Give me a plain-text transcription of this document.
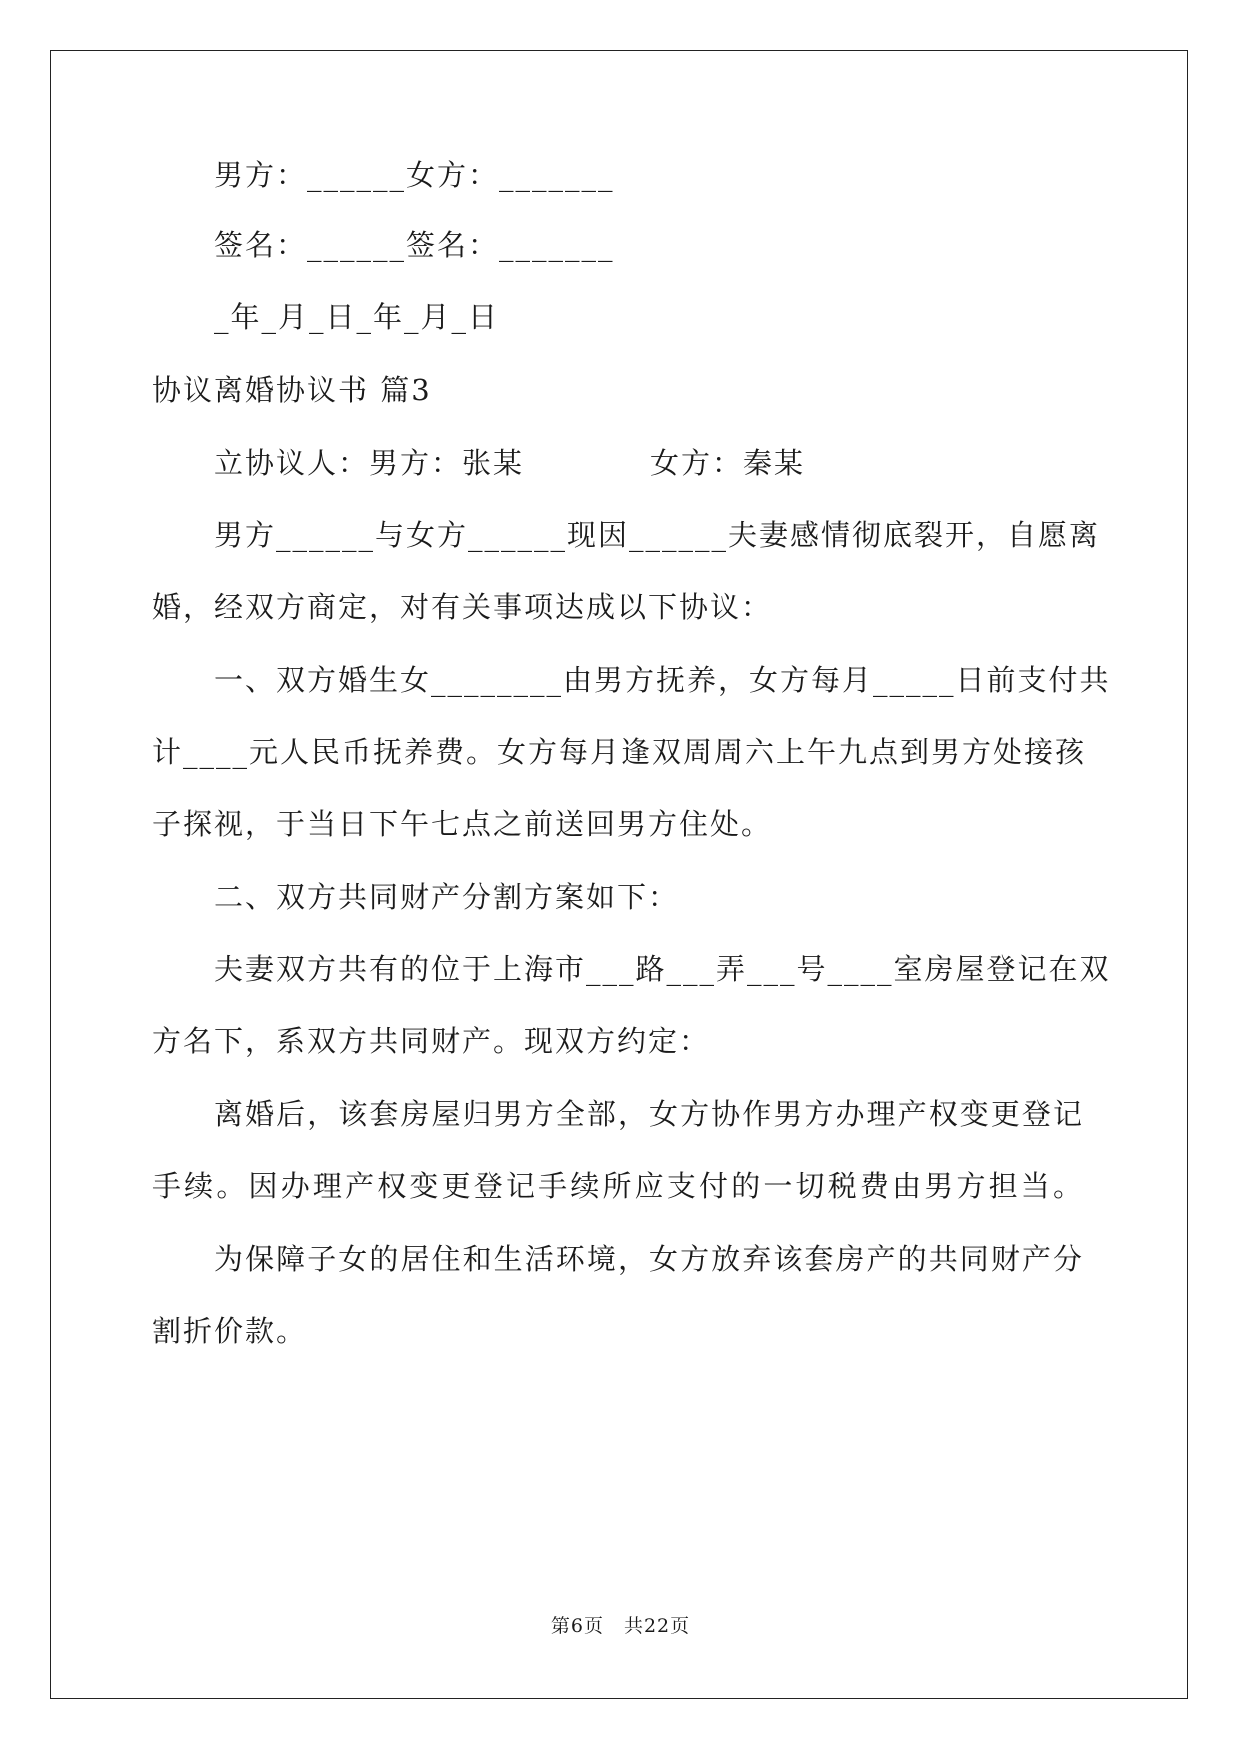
男方：______女方：_______
签名：______签名：_______
_年_月_日_年_月_日
协议离婚协议书 篇3
立协议人：男方：张某	女方：秦某
男方______与女方______现因______夫妻感情彻底裂开，自愿离
婚，经双方商定，对有关事项达成以下协议：
一、双方婚生女________由男方抚养，女方每月_____日前支付共
计____元人民币抚养费。女方每月逢双周周六上午九点到男方处接孩
子探视，于当日下午七点之前送回男方住处。
二、双方共同财产分割方案如下：
夫妻双方共有的位于上海市___路___弄___号____室房屋登记在双
方名下，系双方共同财产。现双方约定：
离婚后，该套房屋归男方全部，女方协作男方办理产权变更登记
手续。因办理产权变更登记手续所应支付的一切税费由男方担当。
为保障子女的居住和生活环境，女方放弃该套房产的共同财产分
割折价款。
第6页　共22页
